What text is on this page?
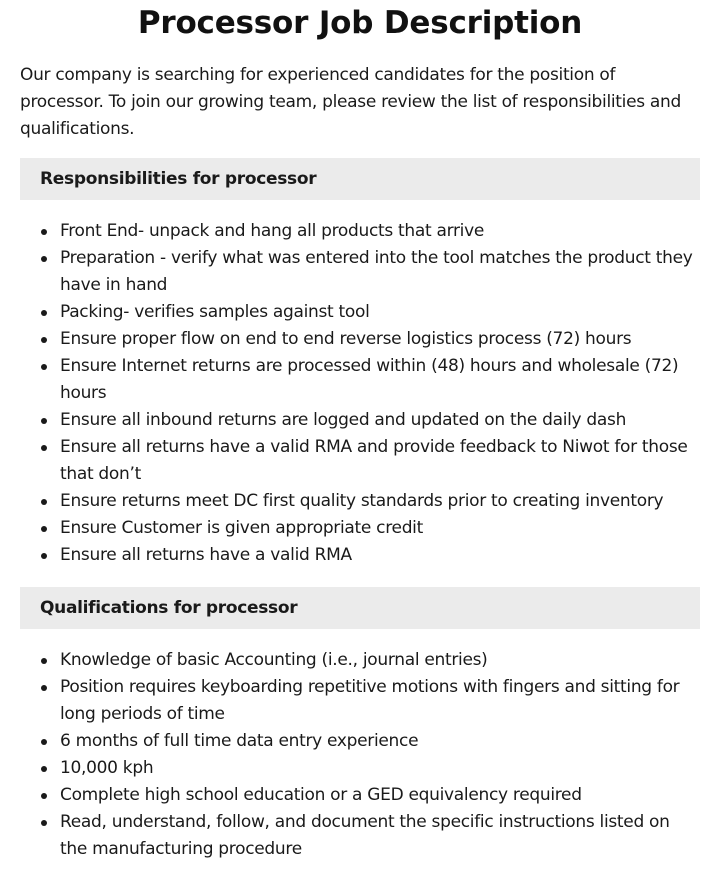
Processor Job Description

Our company is searching for experienced candidates for the position of processor. To join our growing team, please review the list of responsibilities and qualifications.

Responsibilities for processor
Front End- unpack and hang all products that arrive
Preparation - verify what was entered into the tool matches the product they have in hand
Packing- verifies samples against tool
Ensure proper flow on end to end reverse logistics process (72) hours
Ensure Internet returns are processed within (48) hours and wholesale (72) hours
Ensure all inbound returns are logged and updated on the daily dash
Ensure all returns have a valid RMA and provide feedback to Niwot for those that don’t
Ensure returns meet DC first quality standards prior to creating inventory
Ensure Customer is given appropriate credit
Ensure all returns have a valid RMA
Qualifications for processor
Knowledge of basic Accounting (i.e., journal entries)
Position requires keyboarding repetitive motions with fingers and sitting for long periods of time
6 months of full time data entry experience
10,000 kph
Complete high school education or a GED equivalency required
Read, understand, follow, and document the specific instructions listed on the manufacturing procedure
